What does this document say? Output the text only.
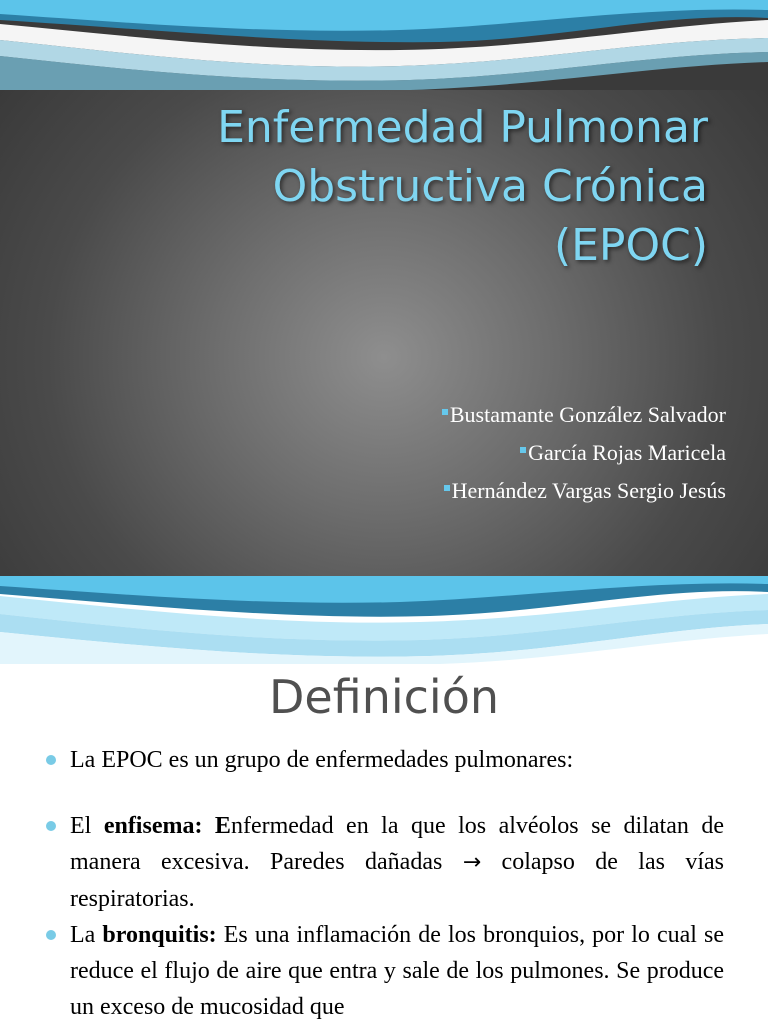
Enfermedad Pulmonar
Obstructiva Crónica
(EPOC)
Bustamante González Salvador
García Rojas Maricela
Hernández Vargas Sergio Jesús
Definición
La EPOC es un grupo de enfermedades pulmonares:
El enfisema: Enfermedad en la que los alvéolos se dilatan de manera excesiva. Paredes dañadas → colapso de las vías respiratorias.
La bronquitis: Es una inflamación de los bronquios, por lo cual se reduce el flujo de aire que entra y sale de los pulmones. Se produce un exceso de mucosidad que
